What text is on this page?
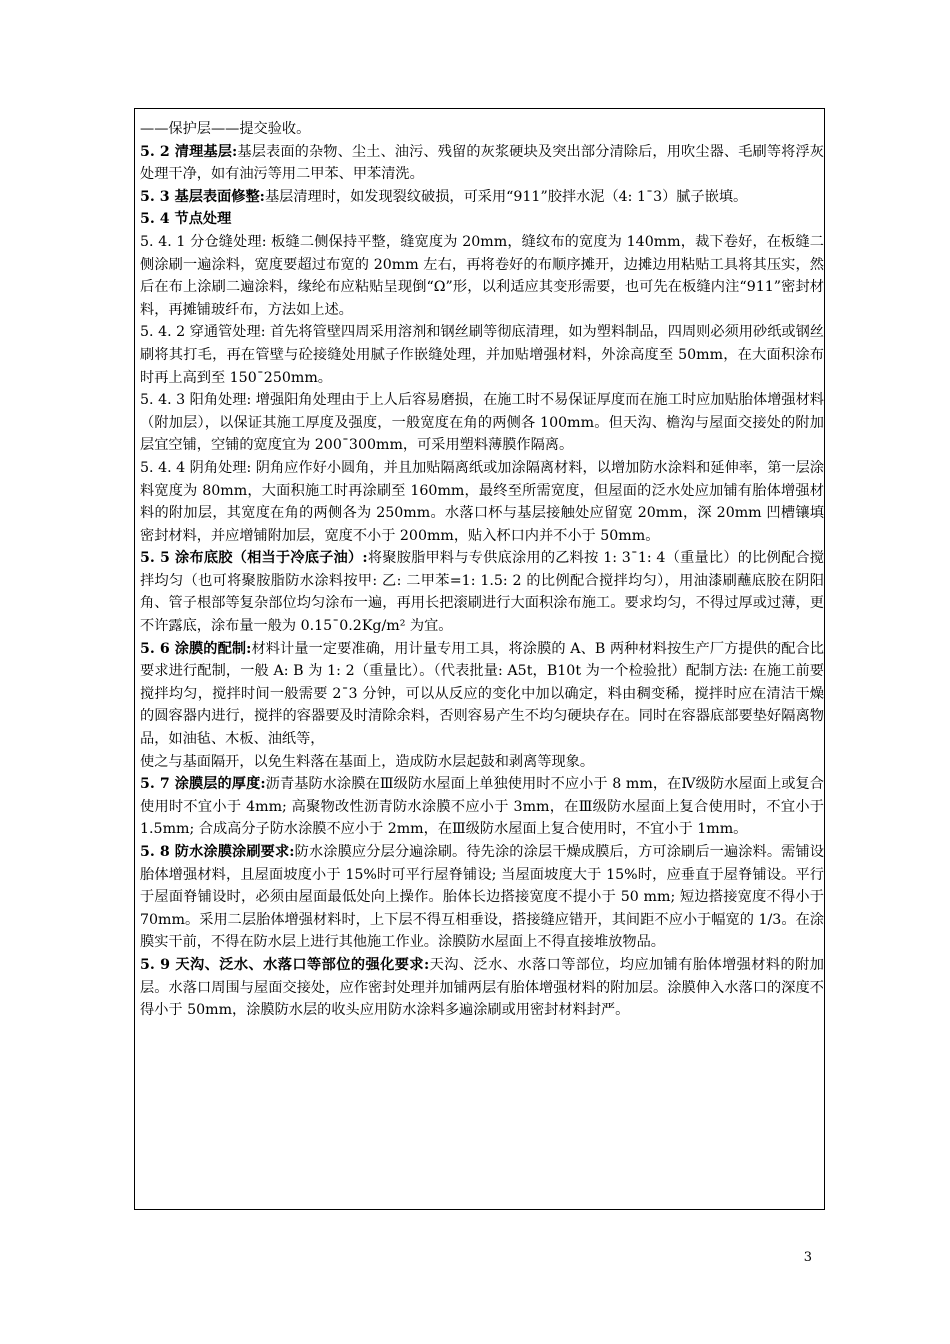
——保护层——提交验收。

5. 2 清理基层:基层表面的杂物、尘土、油污、残留的灰浆硬块及突出部分清除后，用吹尘器、毛刷等将浮灰处理干净，如有油污等用二甲苯、甲苯清洗。

5. 3 基层表面修整:基层清理时，如发现裂纹破损，可采用“911”胶拌水泥（4: 1¯3）腻子嵌填。

5. 4 节点处理

5. 4. 1 分仓缝处理: 板缝二侧保持平整，缝宽度为 20mm，缝纹布的宽度为 140mm，裁下卷好，在板缝二侧涂刷一遍涂料，宽度要超过布宽的 20mm 左右，再将卷好的布顺序摊开，边摊边用粘贴工具将其压实，然后在布上涂刷二遍涂料，缘纶布应粘贴呈现倒“Ω”形，以利适应其变形需要，也可先在板缝内注“911”密封材料，再摊铺玻纤布，方法如上述。

5. 4. 2 穿通管处理: 首先将管壁四周采用溶剂和钢丝刷等彻底清理，如为塑料制品，四周则必须用砂纸或钢丝刷将其打毛，再在管壁与砼接缝处用腻子作嵌缝处理，并加贴增强材料，外涂高度至 50mm，在大面积涂布时再上高到至 150¯250mm。

5. 4. 3 阳角处理: 增强阳角处理由于上人后容易磨损，在施工时不易保证厚度而在施工时应加贴胎体增强材料（附加层），以保证其施工厚度及强度，一般宽度在角的两侧各 100mm。但天沟、檐沟与屋面交接处的附加层宜空铺，空铺的宽度宜为 200¯300mm，可采用塑料薄膜作隔离。

5. 4. 4 阴角处理: 阴角应作好小圆角，并且加贴隔离纸或加涂隔离材料，以增加防水涂料和延伸率，第一层涂料宽度为 80mm，大面积施工时再涂刷至 160mm，最终至所需宽度，但屋面的泛水处应加铺有胎体增强材料的附加层，其宽度在角的两侧各为 250mm。水落口杯与基层接触处应留宽 20mm，深 20mm 凹槽镶填密封材料，并应增铺附加层，宽度不小于 200mm，贴入杯口内并不小于 50mm。

5. 5 涂布底胶（相当于冷底子油）:将聚胺脂甲料与专供底涂用的乙料按 1: 3¯1: 4（重量比）的比例配合搅拌均匀（也可将聚胺脂防水涂料按甲: 乙: 二甲苯=1: 1.5: 2 的比例配合搅拌均匀），用油漆刷蘸底胶在阴阳角、管子根部等复杂部位均匀涂布一遍，再用长把滚刷进行大面积涂布施工。要求均匀，不得过厚或过薄，更不许露底，涂布量一般为 0.15¯0.2Kg/m² 为宜。

5. 6 涂膜的配制:材料计量一定要准确，用计量专用工具，将涂膜的 A、B 两种材料按生产厂方提供的配合比要求进行配制，一般 A: B 为 1: 2（重量比）。（代表批量: A5t，B10t 为一个检验批）配制方法: 在施工前要搅拌均匀，搅拌时间一般需要 2¯3 分钟，可以从反应的变化中加以确定，料由稠变稀，搅拌时应在清洁干燥的圆容器内进行，搅拌的容器要及时清除余料，否则容易产生不均匀硬块存在。同时在容器底部要垫好隔离物品，如油毡、木板、油纸等，

使之与基面隔开，以免生料落在基面上，造成防水层起鼓和剥离等现象。

5. 7 涂膜层的厚度:沥青基防水涂膜在Ⅲ级防水屋面上单独使用时不应小于 8 mm，在Ⅳ级防水屋面上或复合使用时不宜小于 4mm; 高聚物改性沥青防水涂膜不应小于 3mm，在Ⅲ级防水屋面上复合使用时，不宜小于 1.5mm; 合成高分子防水涂膜不应小于 2mm，在Ⅲ级防水屋面上复合使用时，不宜小于 1mm。

5. 8 防水涂膜涂刷要求:防水涂膜应分层分遍涂刷。待先涂的涂层干燥成膜后，方可涂刷后一遍涂料。需铺设胎体增强材料，且屋面坡度小于 15%时可平行屋脊铺设; 当屋面坡度大于 15%时，应垂直于屋脊铺设。平行于屋面脊铺设时，必须由屋面最低处向上操作。胎体长边搭接宽度不提小于 50 mm; 短边搭接宽度不得小于 70mm。采用二层胎体增强材料时，上下层不得互相垂设，搭接缝应错开，其间距不应小于幅宽的 1/3。在涂膜实干前，不得在防水层上进行其他施工作业。涂膜防水屋面上不得直接堆放物品。

5. 9 天沟、泛水、水落口等部位的强化要求:天沟、泛水、水落口等部位，均应加铺有胎体增强材料的附加层。水落口周围与屋面交接处，应作密封处理并加铺两层有胎体增强材料的附加层。涂膜伸入水落口的深度不得小于 50mm，涂膜防水层的收头应用防水涂料多遍涂刷或用密封材料封严。

3
